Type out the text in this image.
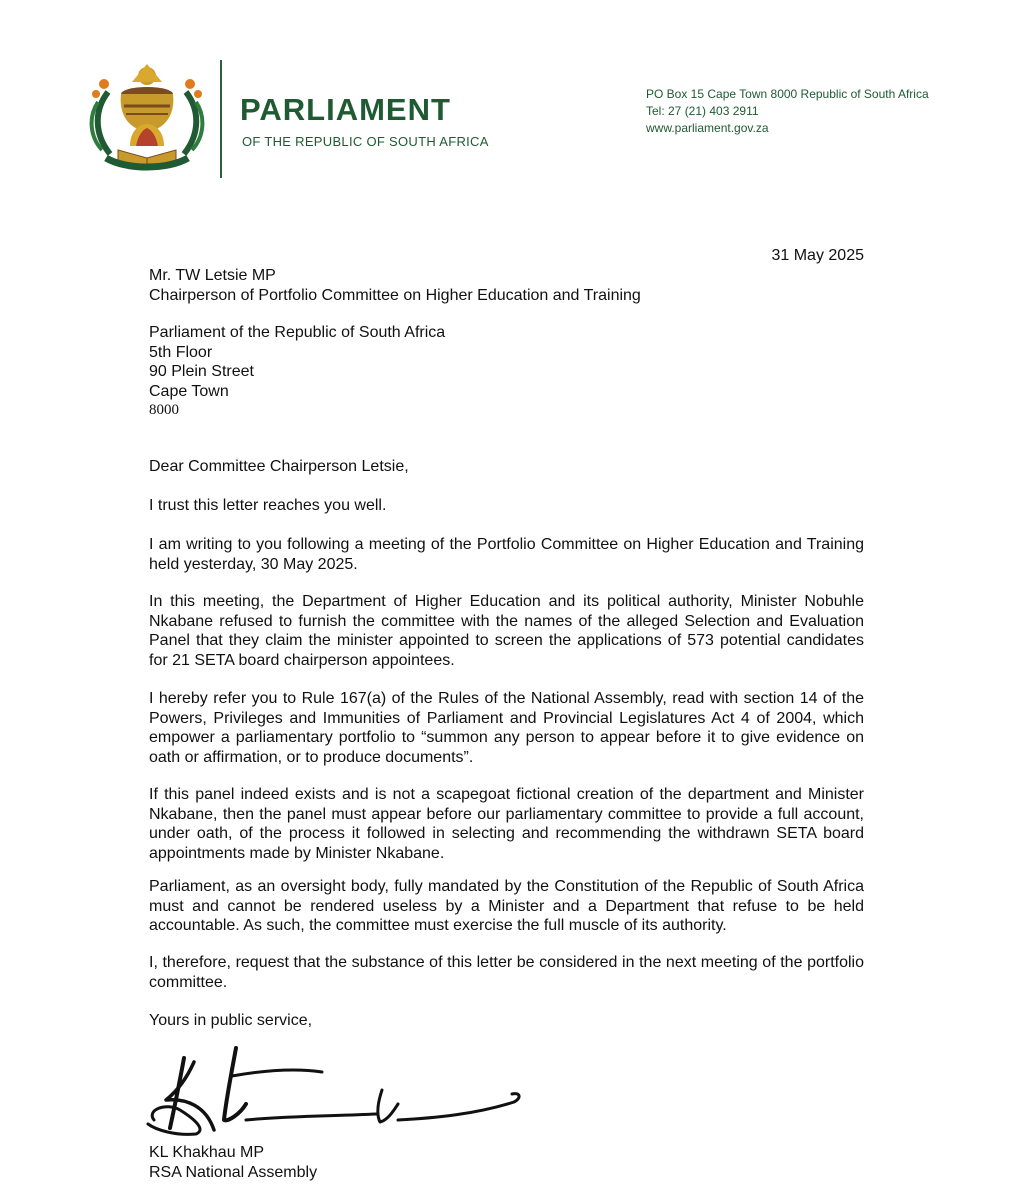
PARLIAMENT
OF THE REPUBLIC OF SOUTH AFRICA
PO Box 15 Cape Town 8000 Republic of South Africa
Tel: 27 (21) 403 2911
www.parliament.gov.za
31 May 2025
Mr. TW Letsie MP
Chairperson of Portfolio Committee on Higher Education and Training
Parliament of the Republic of South Africa
5th Floor
90 Plein Street
Cape Town
8000
Dear Committee Chairperson Letsie,

I trust this letter reaches you well.

I am writing to you following a meeting of the Portfolio Committee on Higher Education and Training held yesterday, 30 May 2025.

In this meeting, the Department of Higher Education and its political authority, Minister Nobuhle Nkabane refused to furnish the committee with the names of the alleged Selection and Evaluation Panel that they claim the minister appointed to screen the applications of 573 potential candidates for 21 SETA board chairperson appointees.

I hereby refer you to Rule 167(a) of the Rules of the National Assembly, read with section 14 of the Powers, Privileges and Immunities of Parliament and Provincial Legislatures Act 4 of 2004, which empower a parliamentary portfolio to “summon any person to appear before it to give evidence on oath or affirmation, or to produce documents”.

If this panel indeed exists and is not a scapegoat fictional creation of the department and Minister Nkabane, then the panel must appear before our parliamentary committee to provide a full account, under oath, of the process it followed in selecting and recommending the withdrawn SETA board appointments made by Minister Nkabane.

Parliament, as an oversight body, fully mandated by the Constitution of the Republic of South Africa must and cannot be rendered useless by a Minister and a Department that refuse to be held accountable. As such, the committee must exercise the full muscle of its authority.

I, therefore, request that the substance of this letter be considered in the next meeting of the portfolio committee.

Yours in public service,
KL Khakhau MP
RSA National Assembly
